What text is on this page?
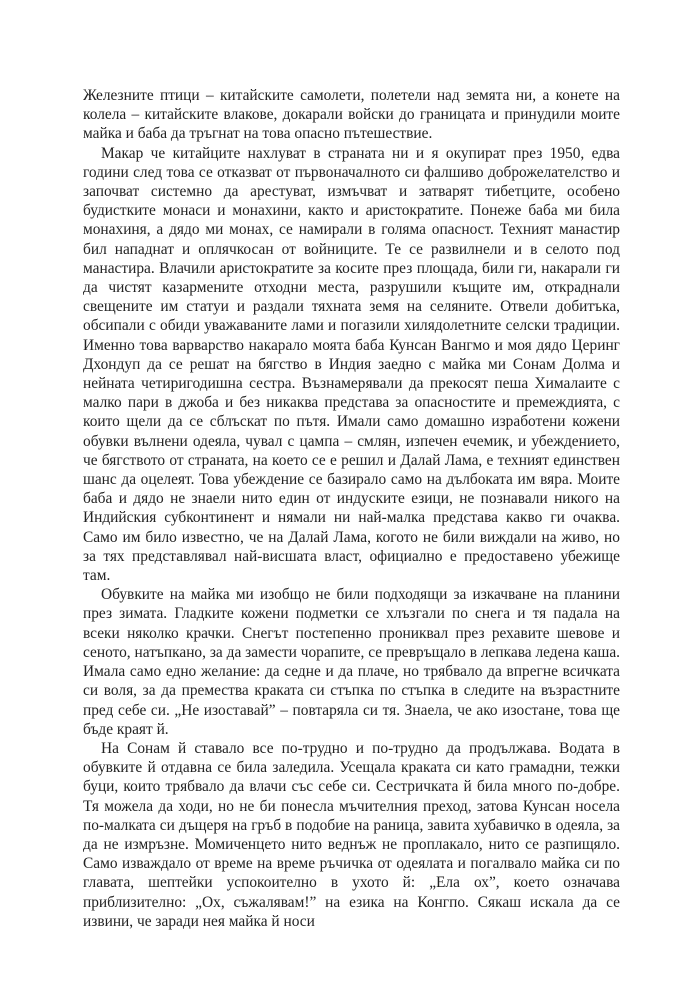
Железните птици – китайските самолети, полетели над земята ни, а конете на колела – китайските влакове, докарали войски до границата и принудили моите майка и баба да тръгнат на това опасно пътешествие.

Макар че китайците нахлуват в страната ни и я окупират през 1950, едва години след това се отказват от първоначалното си фалшиво доброжелателство и започват системно да арестуват, измъчват и затварят тибетците, особено будистките монаси и монахини, както и аристократите. Понеже баба ми била монахиня, а дядо ми монах, се намирали в голяма опасност. Техният манастир бил нападнат и оплячкосан от войниците. Те се развилнели и в селото под манастира. Влачили аристократите за косите през площада, били ги, накарали ги да чистят казармените отходни места, разрушили къщите им, откраднали свещените им статуи и раздали тяхната земя на селяните. Отвели добитъка, обсипали с обиди уважаваните лами и погазили хилядолетните селски традиции. Именно това варварство накарало моята баба Кунсан Вангмо и моя дядо Церинг Дхондуп да се решат на бягство в Индия заедно с майка ми Сонам Долма и нейната четиригодишна сестра. Възнамерявали да прекосят пеша Хималаите с малко пари в джоба и без никаква представа за опасностите и премеждията, с които щели да се сблъскат по пътя. Имали само домашно изработени кожени обувки вълнени одеяла, чувал с цампа – смлян, изпечен ечемик, и убеждението, че бягството от страната, на което се е решил и Далай Лама, е техният единствен шанс да оцелеят. Това убеждение се базирало само на дълбоката им вяра. Моите баба и дядо не знаели нито един от индуските езици, не познавали никого на Индийския субконтинент и нямали ни най-малка представа какво ги очаква. Само им било известно, че на Далай Лама, когото не били виждали на живо, но за тях представлявал най-висшата власт, официално е предоставено убежище там.

Обувките на майка ми изобщо не били подходящи за изкачване на планини през зимата. Гладките кожени подметки се хлъзгали по снега и тя падала на всеки няколко крачки. Снегът постепенно прониквал през рехавите шевове и сеното, натъпкано, за да замести чорапите, се превръщало в лепкава ледена каша. Имала само едно желание: да седне и да плаче, но трябвало да впрегне всичката си воля, за да премества краката си стъпка по стъпка в следите на възрастните пред себе си. „Не изоставай” – повтаряла си тя. Знаела, че ако изостане, това ще бъде краят й.

На Сонам й ставало все по-трудно и по-трудно да продължава. Водата в обувките й отдавна се била заледила. Усещала краката си като грамадни, тежки буци, които трябвало да влачи със себе си. Сестричката й била много по-добре. Тя можела да ходи, но не би понесла мъчителния преход, затова Кунсан носела по-малката си дъщеря на гръб в подобие на раница, завита хубавичко в одеяла, за да не измръзне. Момиченцето нито веднъж не проплакало, нито се разпищяло. Само изваждало от време на време ръчичка от одеялата и погалвало майка си по главата, шептейки успокоително в ухото й: „Ела ох”, което означава приблизително: „Ох, съжалявам!” на езика на Конгпо. Сякаш искала да се извини, че заради нея майка й носи
